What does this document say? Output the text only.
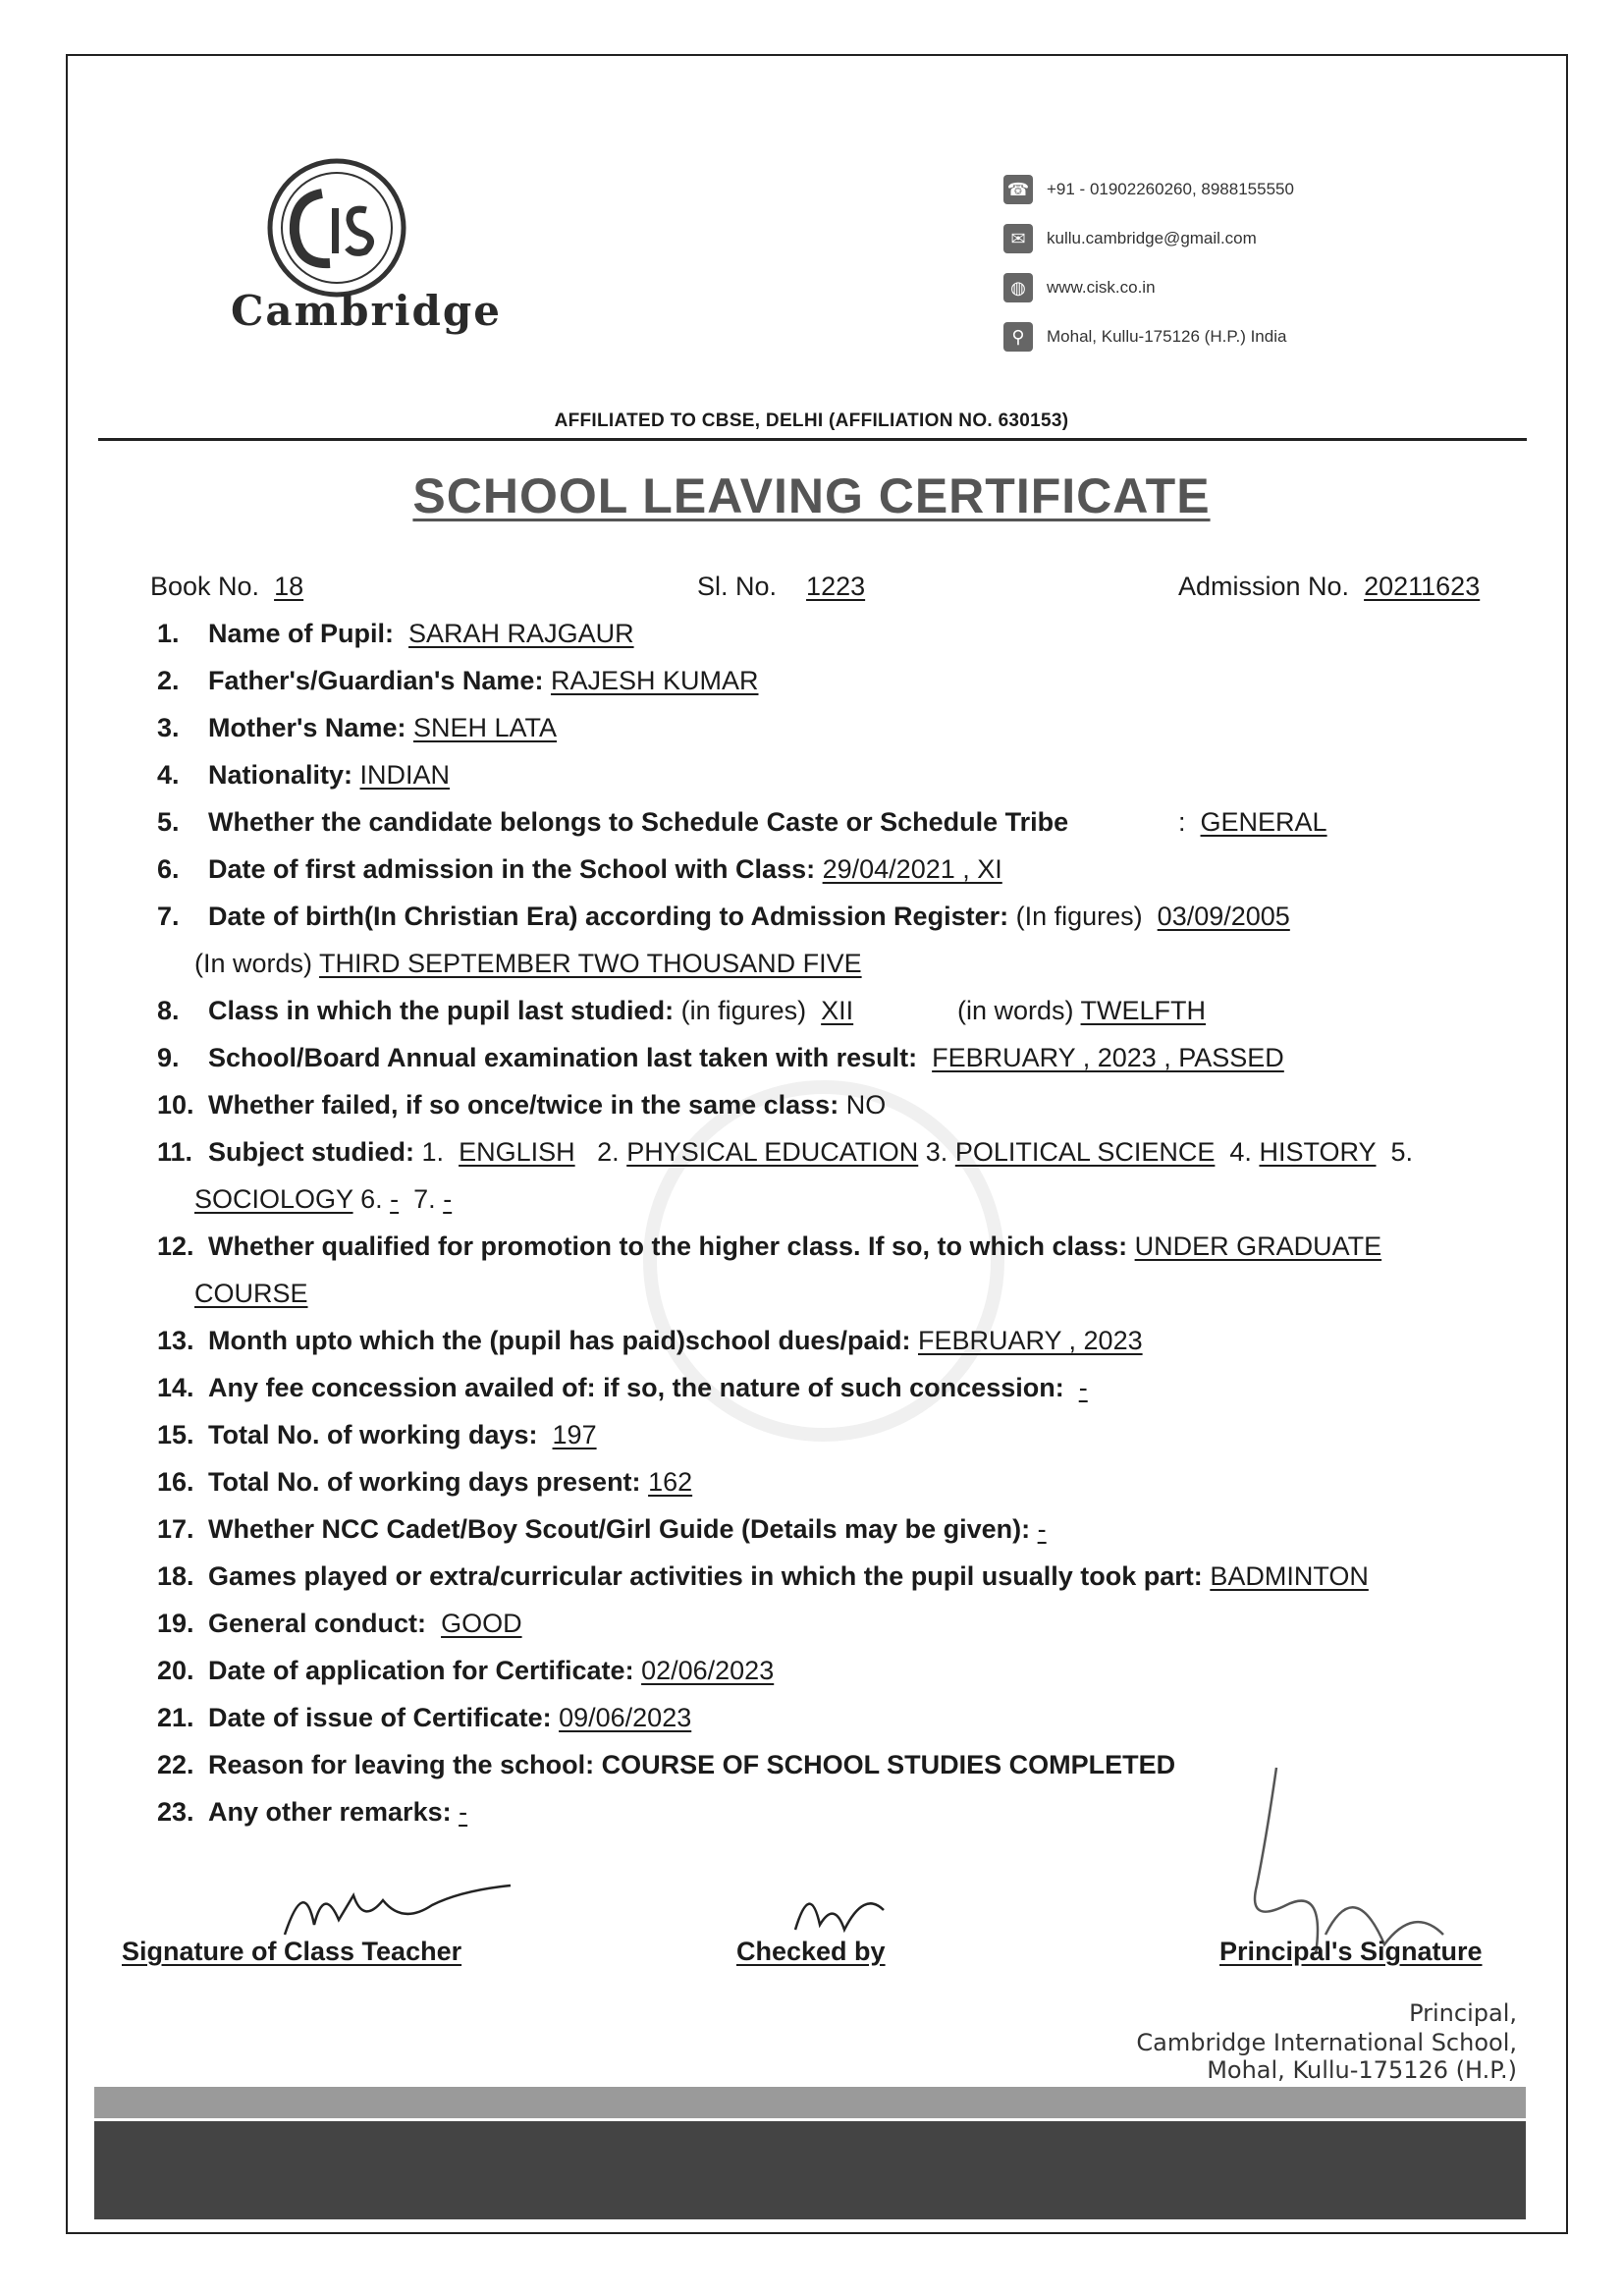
Cambridge
☎ +91 - 01902260260, 8988155550
✉	kullu.cambridge@gmail.com
◍	www.cisk.co.in
⚲	Mohal, Kullu-175126 (H.P.) India
AFFILIATED TO CBSE, DELHI (AFFILIATION NO. 630153)
SCHOOL LEAVING CERTIFICATE
Book No. 18	Sl. No. 1223	Admission No. 20211623
1. Name of Pupil: SARAH RAJGAUR
2. Father's/Guardian's Name: RAJESH KUMAR
3. Mother's Name: SNEH LATA
4. Nationality: INDIAN
5. Whether the candidate belongs to Schedule Caste or Schedule Tribe	: GENERAL
6. Date of first admission in the School with Class: 29/04/2021 , XI
7. Date of birth(In Christian Era) according to Admission Register: (In figures) 03/09/2005
(In words) THIRD SEPTEMBER TWO THOUSAND FIVE
8. Class in which the pupil last studied: (in figures) XII	(in words) TWELFTH
9. School/Board Annual examination last taken with result: FEBRUARY , 2023 , PASSED
10. Whether failed, if so once/twice in the same class: NO
11. Subject studied: 1. ENGLISH 2. PHYSICAL EDUCATION 3. POLITICAL SCIENCE 4. HISTORY 5.
SOCIOLOGY 6. - 7. -
12. Whether qualified for promotion to the higher class. If so, to which class: UNDER GRADUATE
COURSE
13. Month upto which the (pupil has paid)school dues/paid: FEBRUARY , 2023
14. Any fee concession availed of: if so, the nature of such concession: -
15. Total No. of working days: 197
16. Total No. of working days present: 162
17. Whether NCC Cadet/Boy Scout/Girl Guide (Details may be given): -
18. Games played or extra/curricular activities in which the pupil usually took part: BADMINTON
19. General conduct: GOOD
20. Date of application for Certificate: 02/06/2023
21. Date of issue of Certificate: 09/06/2023
22. Reason for leaving the school: COURSE OF SCHOOL STUDIES COMPLETED
23. Any other remarks: -
Signature of Class Teacher	Checked by	Principal's Signature
Principal,
Cambridge International School,
Mohal, Kullu-175126 (H.P.)
